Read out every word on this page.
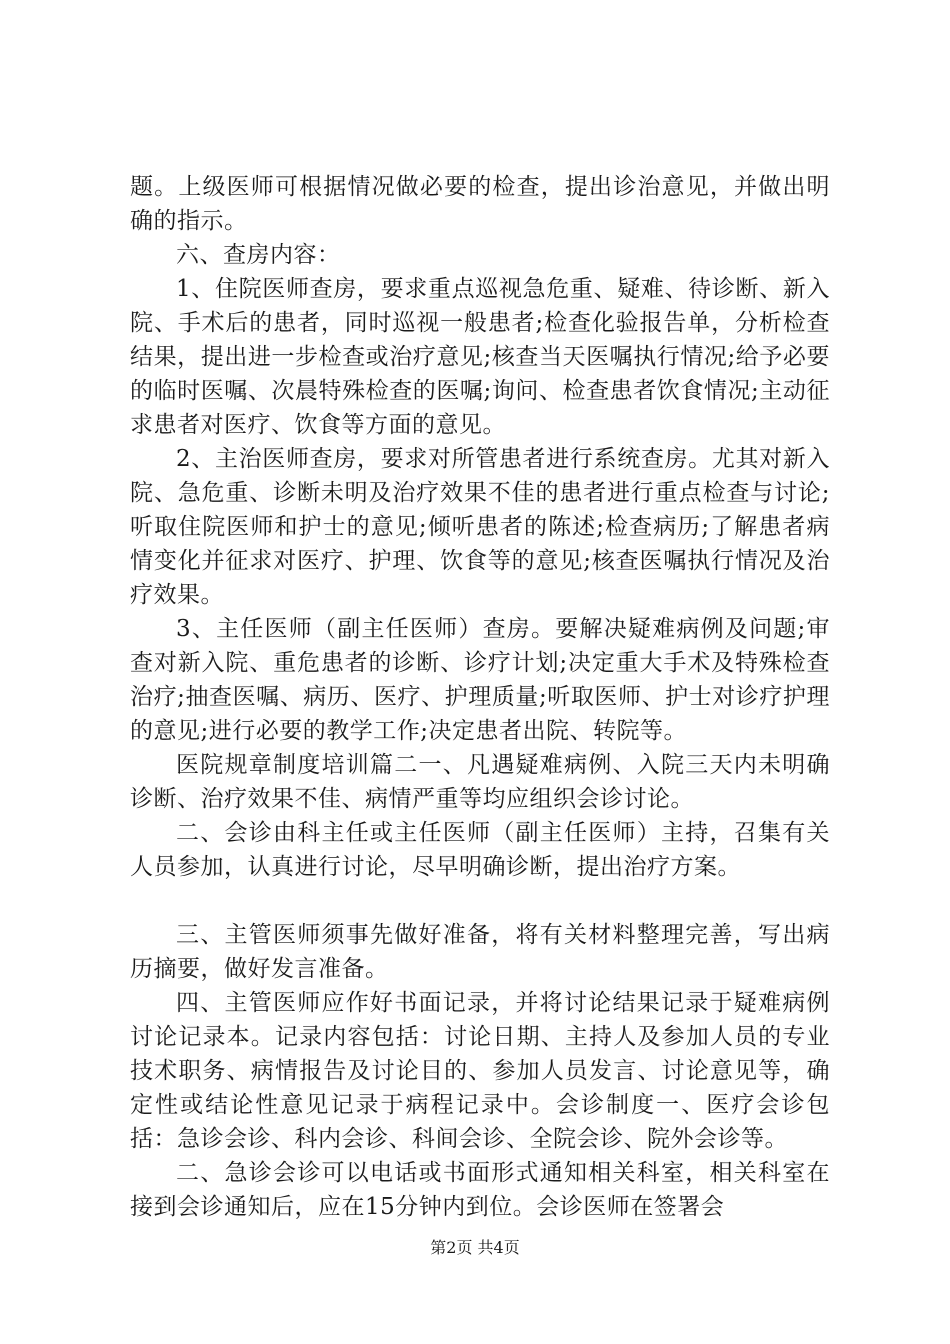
题。上级医师可根据情况做必要的检查，提出诊治意见，并做出明确的指示。

六、查房内容：

1、住院医师查房，要求重点巡视急危重、疑难、待诊断、新入院、手术后的患者，同时巡视一般患者;检查化验报告单，分析检查结果，提出进一步检查或治疗意见;核查当天医嘱执行情况;给予必要的临时医嘱、次晨特殊检查的医嘱;询问、检查患者饮食情况;主动征求患者对医疗、饮食等方面的意见。

2、主治医师查房，要求对所管患者进行系统查房。尤其对新入院、急危重、诊断未明及治疗效果不佳的患者进行重点检查与讨论;听取住院医师和护士的意见;倾听患者的陈述;检查病历;了解患者病情变化并征求对医疗、护理、饮食等的意见;核查医嘱执行情况及治疗效果。

3、主任医师（副主任医师）查房。要解决疑难病例及问题;审查对新入院、重危患者的诊断、诊疗计划;决定重大手术及特殊检查治疗;抽查医嘱、病历、医疗、护理质量;听取医师、护士对诊疗护理的意见;进行必要的教学工作;决定患者出院、转院等。

医院规章制度培训篇二一、凡遇疑难病例、入院三天内未明确诊断、治疗效果不佳、病情严重等均应组织会诊讨论。

二、会诊由科主任或主任医师（副主任医师）主持，召集有关人员参加，认真进行讨论，尽早明确诊断，提出治疗方案。

三、主管医师须事先做好准备，将有关材料整理完善，写出病历摘要，做好发言准备。

四、主管医师应作好书面记录，并将讨论结果记录于疑难病例讨论记录本。记录内容包括：讨论日期、主持人及参加人员的专业技术职务、病情报告及讨论目的、参加人员发言、讨论意见等，确定性或结论性意见记录于病程记录中。会诊制度一、医疗会诊包括：急诊会诊、科内会诊、科间会诊、全院会诊、院外会诊等。

二、急诊会诊可以电话或书面形式通知相关科室，相关科室在接到会诊通知后，应在15分钟内到位。会诊医师在签署会

第2页 共4页
